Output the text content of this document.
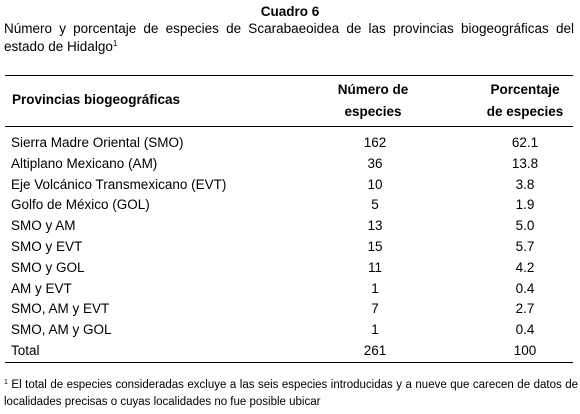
Cuadro 6
Número y porcentaje de especies de Scarabaeoidea de las provincias biogeográficas del estado de Hidalgo$^1$
Provincias biogeográficas
Número de
especies
Porcentaje
de especies
Sierra Madre Oriental (SMO)	162	62.1
Altiplano Mexicano (AM)	36	13.8
Eje Volcánico Transmexicano (EVT)	10	3.8
Golfo de México (GOL)	5	1.9
SMO y AM	13	5.0
SMO y EVT	15	5.7
SMO y GOL	11	4.2
AM y EVT	1	0.4
SMO, AM y EVT	7	2.7
SMO, AM y GOL	1	0.4
Total	261	100
$^1$ El total de especies consideradas excluye a las seis especies introducidas y a nueve que carecen de datos de localidades precisas o cuyas localidades no fue posible ubicar
